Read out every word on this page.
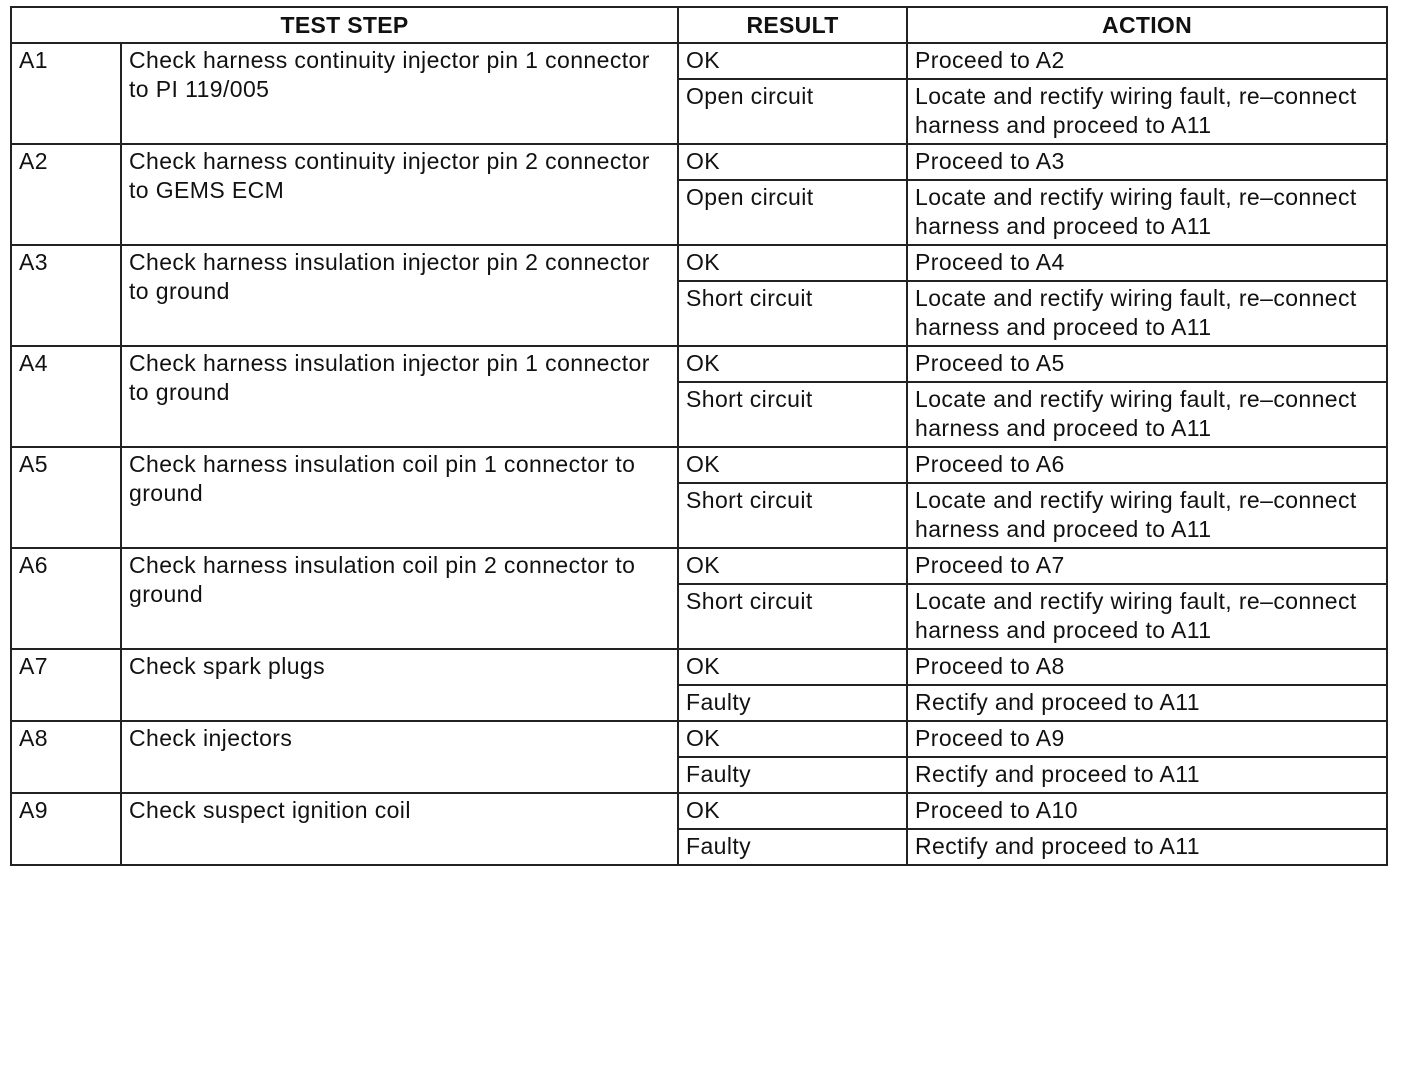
TEST STEP		RESULT	ACTION
A1	Check harness continuity injector pin 1 connector to PI 119/005	OK	Proceed to A2
		Open circuit	Locate and rectify wiring fault, re–connect harness and proceed to A11
A2	Check harness continuity injector pin 2 connector to GEMS ECM	OK	Proceed to A3
		Open circuit	Locate and rectify wiring fault, re–connect harness and proceed to A11
A3	Check harness insulation injector pin 2 connector to ground	OK	Proceed to A4
		Short circuit	Locate and rectify wiring fault, re–connect harness and proceed to A11
A4	Check harness insulation injector pin 1 connector to ground	OK	Proceed to A5
		Short circuit	Locate and rectify wiring fault, re–connect harness and proceed to A11
A5	Check harness insulation coil pin 1 connector to ground	OK	Proceed to A6
		Short circuit	Locate and rectify wiring fault, re–connect harness and proceed to A11
A6	Check harness insulation coil pin 2 connector to ground	OK	Proceed to A7
		Short circuit	Locate and rectify wiring fault, re–connect harness and proceed to A11
A7	Check spark plugs	OK	Proceed to A8
		Faulty	Rectify and proceed to A11
A8	Check injectors	OK	Proceed to A9
		Faulty	Rectify and proceed to A11
A9	Check suspect ignition coil	OK	Proceed to A10
		Faulty	Rectify and proceed to A11
